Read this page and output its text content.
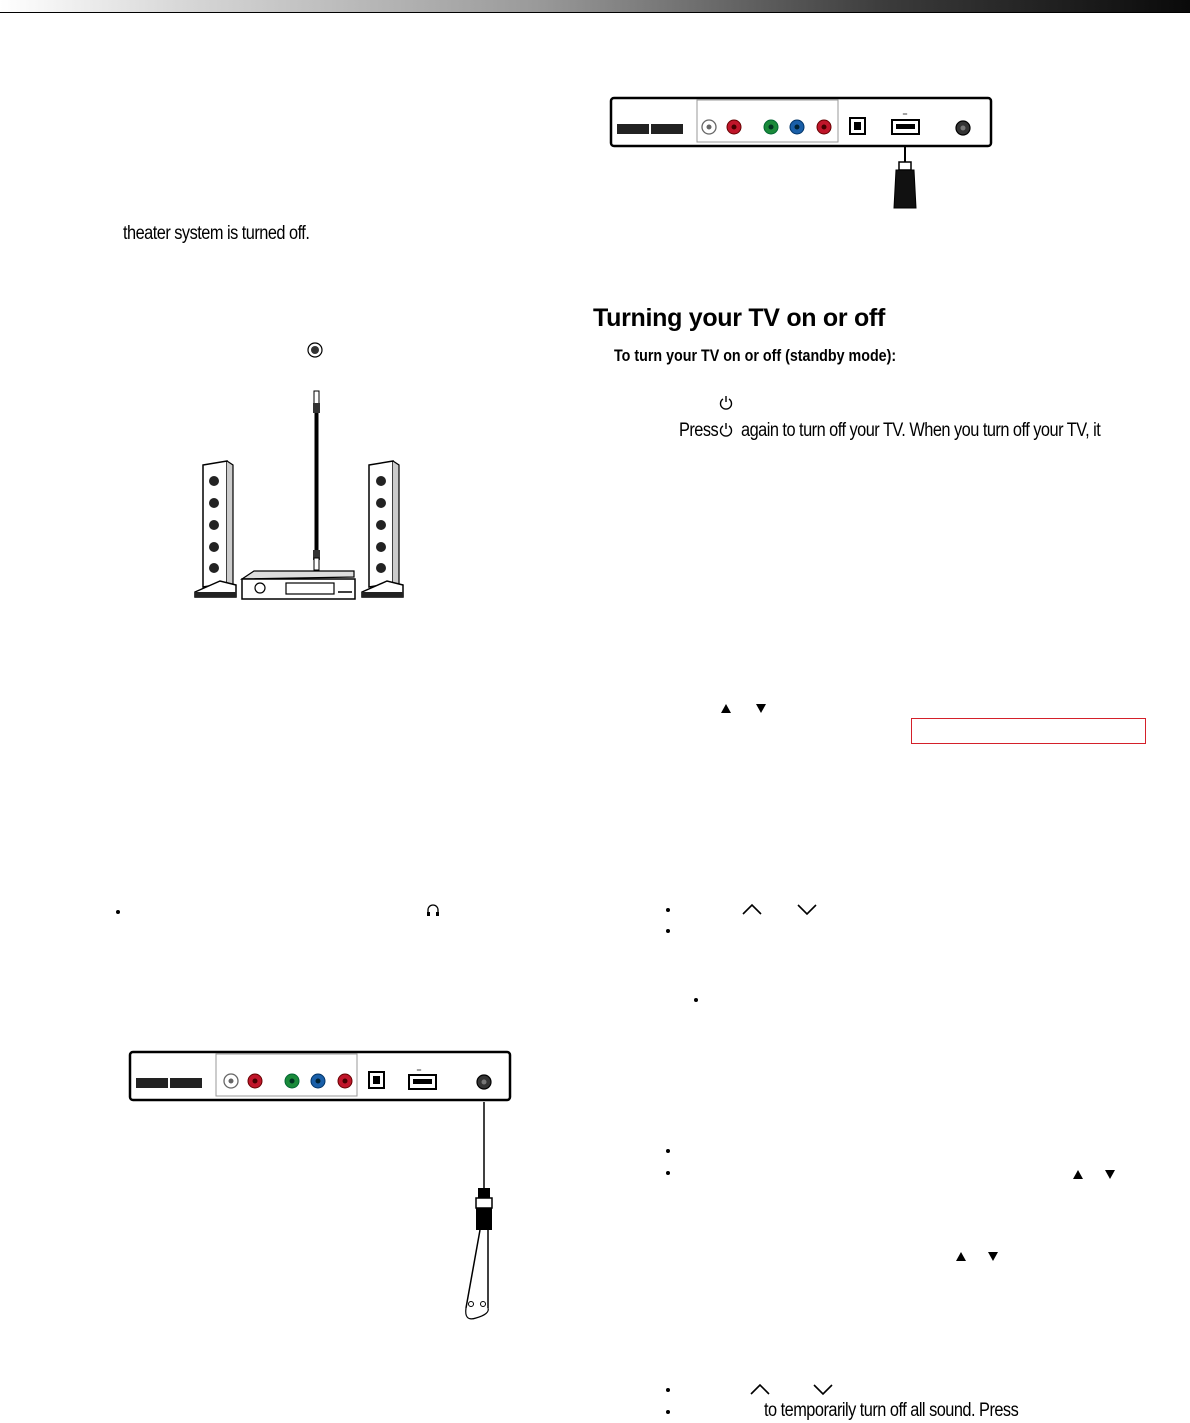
theater system is turned off.
═
═
Turning your TV on or off
To turn your TV on or off (standby mode):
Press again to turn off your TV. When you turn off your TV, it
to temporarily turn off all sound. Press
